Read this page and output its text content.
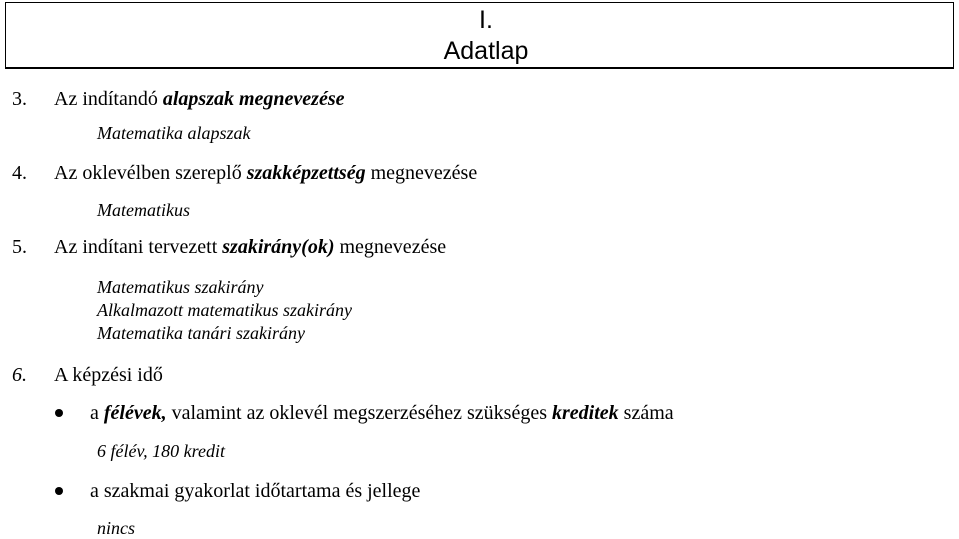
I.
Adatlap
3. Az indítandó alapszak megnevezése
Matematika alapszak
4. Az oklevélben szereplő szakképzettség megnevezése
Matematikus
5. Az indítani tervezett szakirány(ok) megnevezése
Matematikus szakirány
Alkalmazott matematikus szakirány
Matematika tanári szakirány
6. A képzési idő
a félévek, valamint az oklevél megszerzéséhez szükséges kreditek száma
6 félév, 180 kredit
a szakmai gyakorlat időtartama és jellege
nincs
